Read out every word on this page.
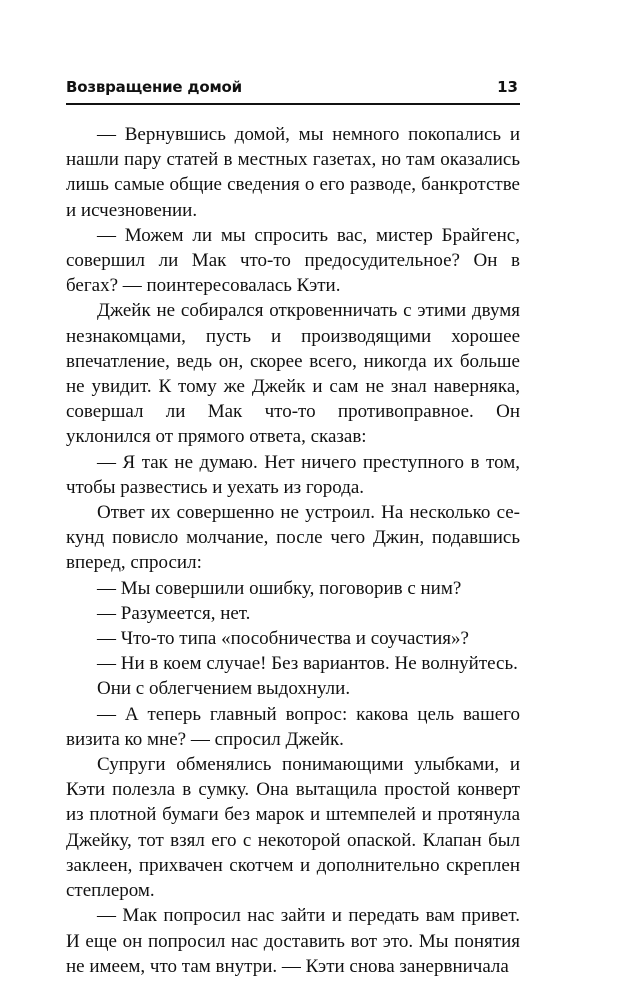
Возвращение домой	13

— Вернувшись домой, мы немного покопались и нашли пару статей в местных газетах, но там оказались лишь самые общие сведения о его разводе, банкротстве и исчезновении.

— Можем ли мы спросить вас, мистер Брайгенс, совершил ли Мак что-то предосудительное? Он в бегах? — поинтересовалась Кэти.

Джейк не собирался откровенничать с этими двумя незнакомцами, пусть и производящими хорошее впечатление, ведь он, скорее всего, никогда их больше не увидит. К тому же Джейк и сам не знал наверняка, совершал ли Мак что-то противоправное. Он уклонился от прямого ответа, сказав:

— Я так не думаю. Нет ничего преступного в том, чтобы развестись и уехать из города.

Ответ их совершенно не устроил. На несколько секунд повисло молчание, после чего Джин, подавшись вперед, спросил:

— Мы совершили ошибку, поговорив с ним?

— Разумеется, нет.

— Что-то типа «пособничества и соучастия»?

— Ни в коем случае! Без вариантов. Не волнуйтесь.

Они с облегчением выдохнули.

— А теперь главный вопрос: какова цель вашего визита ко мне? — спросил Джейк.

Супруги обменялись понимающими улыбками, и Кэти полезла в сумку. Она вытащила простой конверт из плотной бумаги без марок и штемпелей и протянула Джейку, тот взял его с некоторой опаской. Клапан был заклеен, прихвачен скотчем и дополнительно скреплен степлером.

— Мак попросил нас зайти и передать вам привет. И еще он попросил нас доставить вот это. Мы понятия не имеем, что там внутри. — Кэти снова занервничала
